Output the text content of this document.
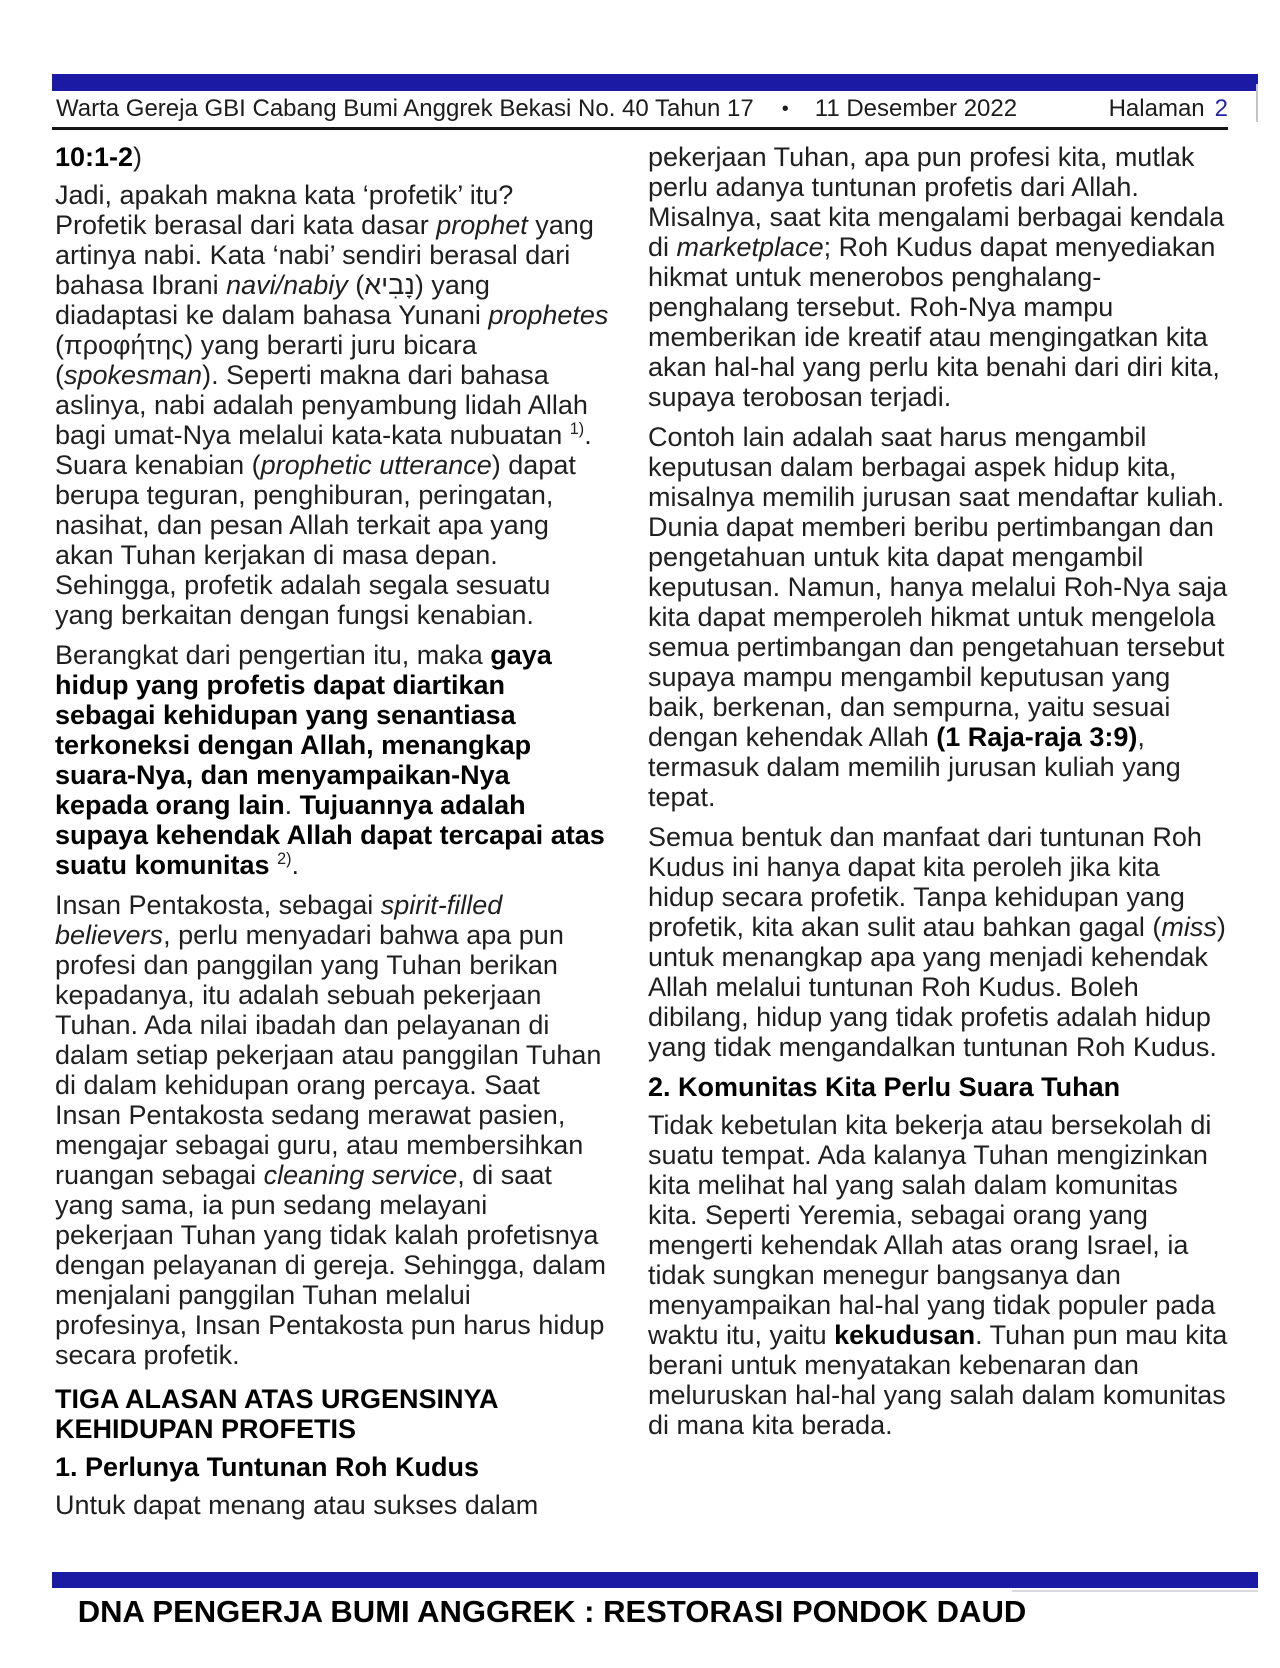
Warta Gereja GBI Cabang Bumi Anggrek Bekasi No. 40 Tahun 17 • 11 Desember 2022	Halaman 2
10:1-2)
Jadi, apakah makna kata ‘profetik’ itu? Profetik berasal dari kata dasar prophet yang artinya nabi. Kata ‘nabi’ sendiri berasal dari bahasa Ibrani navi/nabiy (נָבִיא) yang diadaptasi ke dalam bahasa Yunani prophetes (προφήτης) yang berarti juru bicara (spokesman). Seperti makna dari bahasa aslinya, nabi adalah penyambung lidah Allah bagi umat-Nya melalui kata-kata nubuatan $^{1)}$. Suara kenabian (prophetic utterance) dapat berupa teguran, penghiburan, peringatan, nasihat, dan pesan Allah terkait apa yang akan Tuhan kerjakan di masa depan. Sehingga, profetik adalah segala sesuatu yang berkaitan dengan fungsi kenabian.
Berangkat dari pengertian itu, maka gaya hidup yang profetis dapat diartikan sebagai kehidupan yang senantiasa terkoneksi dengan Allah, menangkap suara-Nya, dan menyampaikan-Nya kepada orang lain. Tujuannya adalah supaya kehendak Allah dapat tercapai atas suatu komunitas $^{2)}$.
Insan Pentakosta, sebagai spirit-filled believers, perlu menyadari bahwa apa pun profesi dan panggilan yang Tuhan berikan kepadanya, itu adalah sebuah pekerjaan Tuhan. Ada nilai ibadah dan pelayanan di dalam setiap pekerjaan atau panggilan Tuhan di dalam kehidupan orang percaya. Saat Insan Pentakosta sedang merawat pasien, mengajar sebagai guru, atau membersihkan ruangan sebagai cleaning service, di saat yang sama, ia pun sedang melayani pekerjaan Tuhan yang tidak kalah profetisnya dengan pelayanan di gereja. Sehingga, dalam menjalani panggilan Tuhan melalui profesinya, Insan Pentakosta pun harus hidup secara profetik.
TIGA ALASAN ATAS URGENSINYA KEHIDUPAN PROFETIS
1. Perlunya Tuntunan Roh Kudus
Untuk dapat menang atau sukses dalam
pekerjaan Tuhan, apa pun profesi kita, mutlak perlu adanya tuntunan profetis dari Allah. Misalnya, saat kita mengalami berbagai kendala di marketplace; Roh Kudus dapat menyediakan hikmat untuk menerobos penghalang-penghalang tersebut. Roh-Nya mampu memberikan ide kreatif atau mengingatkan kita akan hal-hal yang perlu kita benahi dari diri kita, supaya terobosan terjadi.
Contoh lain adalah saat harus mengambil keputusan dalam berbagai aspek hidup kita, misalnya memilih jurusan saat mendaftar kuliah. Dunia dapat memberi beribu pertimbangan dan pengetahuan untuk kita dapat mengambil keputusan. Namun, hanya melalui Roh-Nya saja kita dapat memperoleh hikmat untuk mengelola semua pertimbangan dan pengetahuan tersebut supaya mampu mengambil keputusan yang baik, berkenan, dan sempurna, yaitu sesuai dengan kehendak Allah (1 Raja-raja 3:9), termasuk dalam memilih jurusan kuliah yang tepat.
Semua bentuk dan manfaat dari tuntunan Roh Kudus ini hanya dapat kita peroleh jika kita hidup secara profetik. Tanpa kehidupan yang profetik, kita akan sulit atau bahkan gagal (miss) untuk menangkap apa yang menjadi kehendak Allah melalui tuntunan Roh Kudus. Boleh dibilang, hidup yang tidak profetis adalah hidup yang tidak mengandalkan tuntunan Roh Kudus.
2. Komunitas Kita Perlu Suara Tuhan
Tidak kebetulan kita bekerja atau bersekolah di suatu tempat. Ada kalanya Tuhan mengizinkan kita melihat hal yang salah dalam komunitas kita. Seperti Yeremia, sebagai orang yang mengerti kehendak Allah atas orang Israel, ia tidak sungkan menegur bangsanya dan menyampaikan hal-hal yang tidak populer pada waktu itu, yaitu kekudusan. Tuhan pun mau kita berani untuk menyatakan kebenaran dan meluruskan hal-hal yang salah dalam komunitas di mana kita berada.
DNA PENGERJA BUMI ANGGREK : RESTORASI PONDOK DAUD
